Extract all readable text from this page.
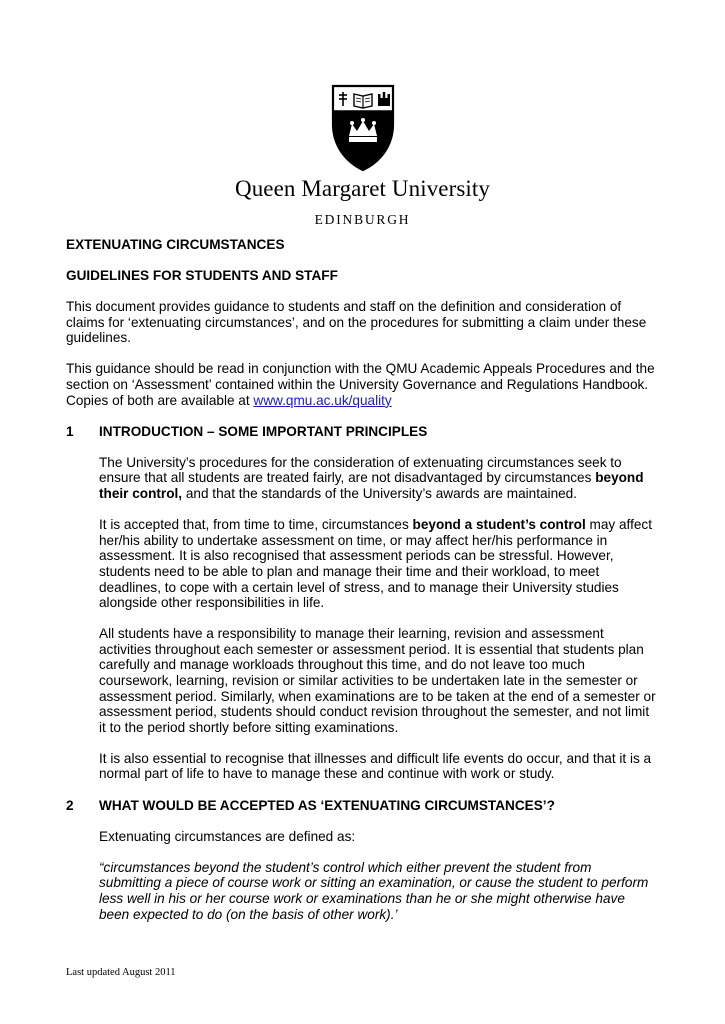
Queen Margaret University
EDINBURGH

EXTENUATING CIRCUMSTANCES

GUIDELINES FOR STUDENTS AND STAFF

This document provides guidance to students and staff on the definition and consideration of claims for ‘extenuating circumstances’, and on the procedures for submitting a claim under these guidelines.

This guidance should be read in conjunction with the QMU Academic Appeals Procedures and the section on ‘Assessment’ contained within the University Governance and Regulations Handbook. Copies of both are available at www.qmu.ac.uk/quality

1	INTRODUCTION – SOME IMPORTANT PRINCIPLES

The University’s procedures for the consideration of extenuating circumstances seek to ensure that all students are treated fairly, are not disadvantaged by circumstances beyond their control, and that the standards of the University’s awards are maintained.

It is accepted that, from time to time, circumstances beyond a student’s control may affect her/his ability to undertake assessment on time, or may affect her/his performance in assessment. It is also recognised that assessment periods can be stressful. However, students need to be able to plan and manage their time and their workload, to meet deadlines, to cope with a certain level of stress, and to manage their University studies alongside other responsibilities in life.

All students have a responsibility to manage their learning, revision and assessment activities throughout each semester or assessment period. It is essential that students plan carefully and manage workloads throughout this time, and do not leave too much coursework, learning, revision or similar activities to be undertaken late in the semester or assessment period. Similarly, when examinations are to be taken at the end of a semester or assessment period, students should conduct revision throughout the semester, and not limit it to the period shortly before sitting examinations.

It is also essential to recognise that illnesses and difficult life events do occur, and that it is a normal part of life to have to manage these and continue with work or study.

2	WHAT WOULD BE ACCEPTED AS ‘EXTENUATING CIRCUMSTANCES’?

Extenuating circumstances are defined as:

“circumstances beyond the student’s control which either prevent the student from submitting a piece of course work or sitting an examination, or cause the student to perform less well in his or her course work or examinations than he or she might otherwise have been expected to do (on the basis of other work).’

Last updated August 2011
